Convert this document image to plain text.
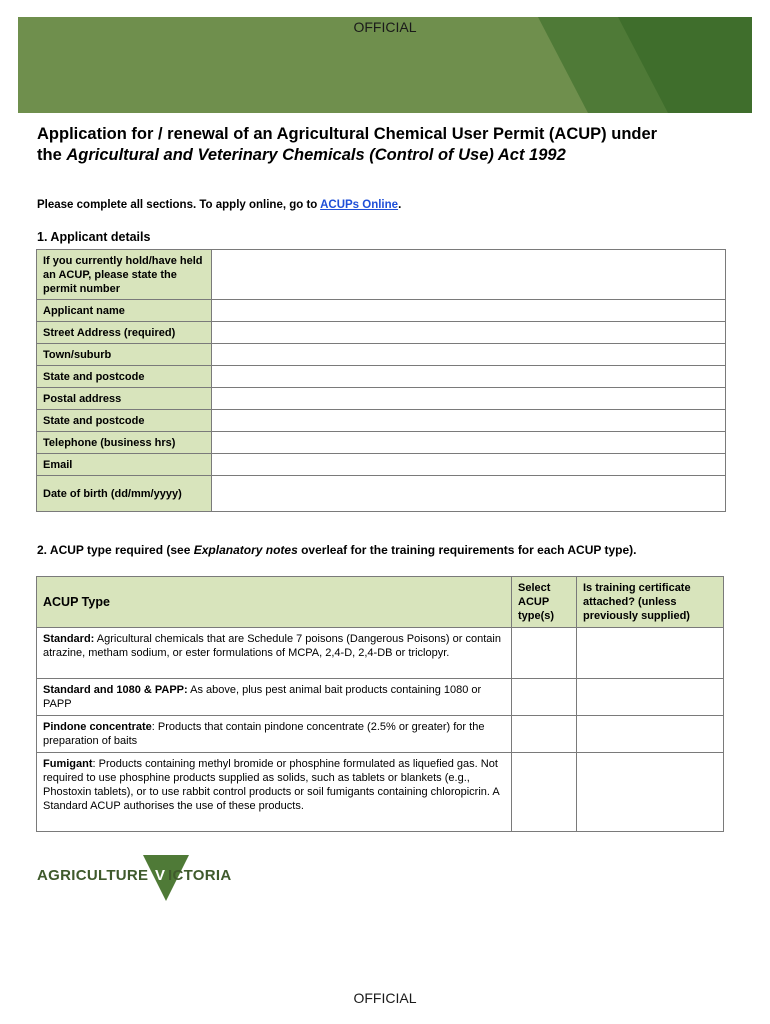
OFFICIAL
Application for / renewal of an Agricultural Chemical User Permit (ACUP) under
the Agricultural and Veterinary Chemicals (Control of Use) Act 1992
Please complete all sections. To apply online, go to ACUPs Online.
1. Applicant details
If you currently hold/have held an ACUP, please state the permit number	
Applicant name	
Street Address (required)	
Town/suburb	
State and postcode	
Postal address	
State and postcode	
Telephone (business hrs)	
Email	
Date of birth (dd/mm/yyyy)	
2. ACUP type required (see Explanatory notes overleaf for the training requirements for each ACUP type).
ACUP Type	Select ACUP type(s)	Is training certificate attached? (unless previously supplied)
Standard: Agricultural chemicals that are Schedule 7 poisons (Dangerous Poisons) or contain atrazine, metham sodium, or ester formulations of MCPA, 2,4-D, 2,4-DB or triclopyr.		
Standard and 1080 & PAPP: As above, plus pest animal bait products containing 1080 or PAPP		
Pindone concentrate: Products that contain pindone concentrate (2.5% or greater) for the preparation of baits		
Fumigant: Products containing methyl bromide or phosphine formulated as liquefied gas. Not required to use phosphine products supplied as solids, such as tablets or blankets (e.g., Phostoxin tablets), or to use rabbit control products or soil fumigants containing chloropicrin. A Standard ACUP authorises the use of these products.		
AGRICULTURE V ICTORIA
OFFICIAL
